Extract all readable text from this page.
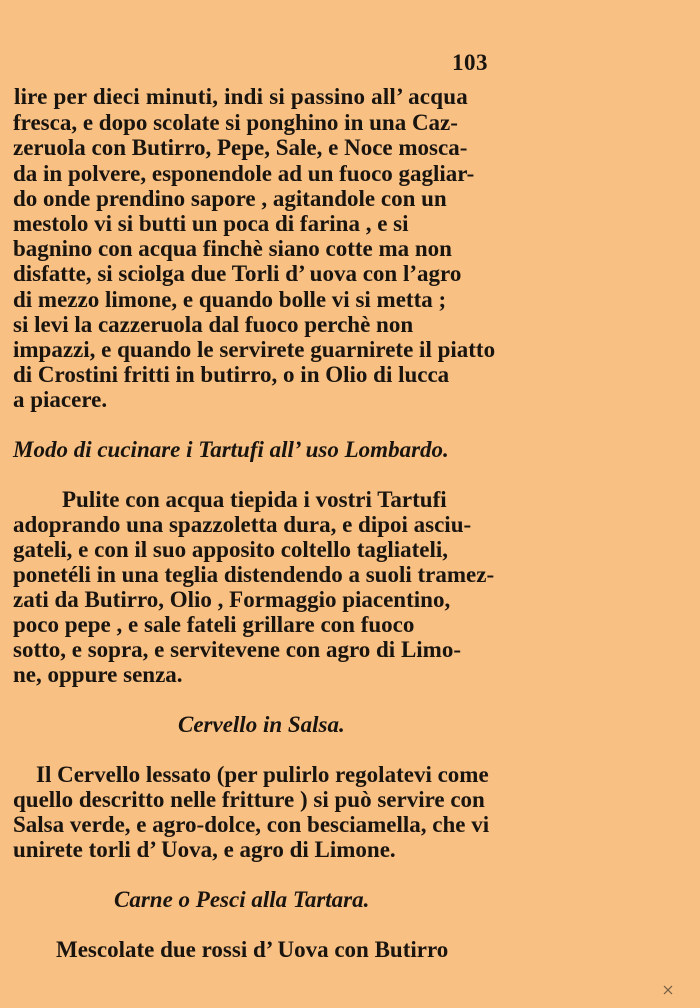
103
lire per dieci minuti, indi si passino all’ acqua
fresca, e dopo scolate si ponghino in una Caz-
zeruola con Butirro, Pepe, Sale, e Noce mosca-
da in polvere, esponendole ad un fuoco gagliar-
do onde prendino sapore , agitandole con un
mestolo vi si butti un poca di farina , e si
bagnino con acqua finchè siano cotte ma non
disfatte, si sciolga due Torli d’ uova con l’agro
di mezzo limone, e quando bolle vi si metta ;
si levi la cazzeruola dal fuoco perchè non
impazzi, e quando le servirete guarnirete il piatto
di Crostini fritti in butirro, o in Olio di lucca
a piacere.
Modo di cucinare i Tartufi all’ uso Lombardo.
Pulite con acqua tiepida i vostri Tartufi
adoprando una spazzoletta dura, e dipoi asciu-
gateli, e con il suo apposito coltello tagliateli,
ponetéli in una teglia distendendo a suoli tramez-
zati da Butirro, Olio , Formaggio piacentino,
poco pepe , e sale fateli grillare con fuoco
sotto, e sopra, e servitevene con agro di Limo-
ne, oppure senza.
Cervello in Salsa.
Il Cervello lessato (per pulirlo regolatevi come
quello descritto nelle fritture ) si può servire con
Salsa verde, e agro-dolce, con besciamella, che vi
unirete torli d’ Uova, e agro di Limone.
Carne o Pesci alla Tartara.
Mescolate due rossi d’ Uova con Butirro
